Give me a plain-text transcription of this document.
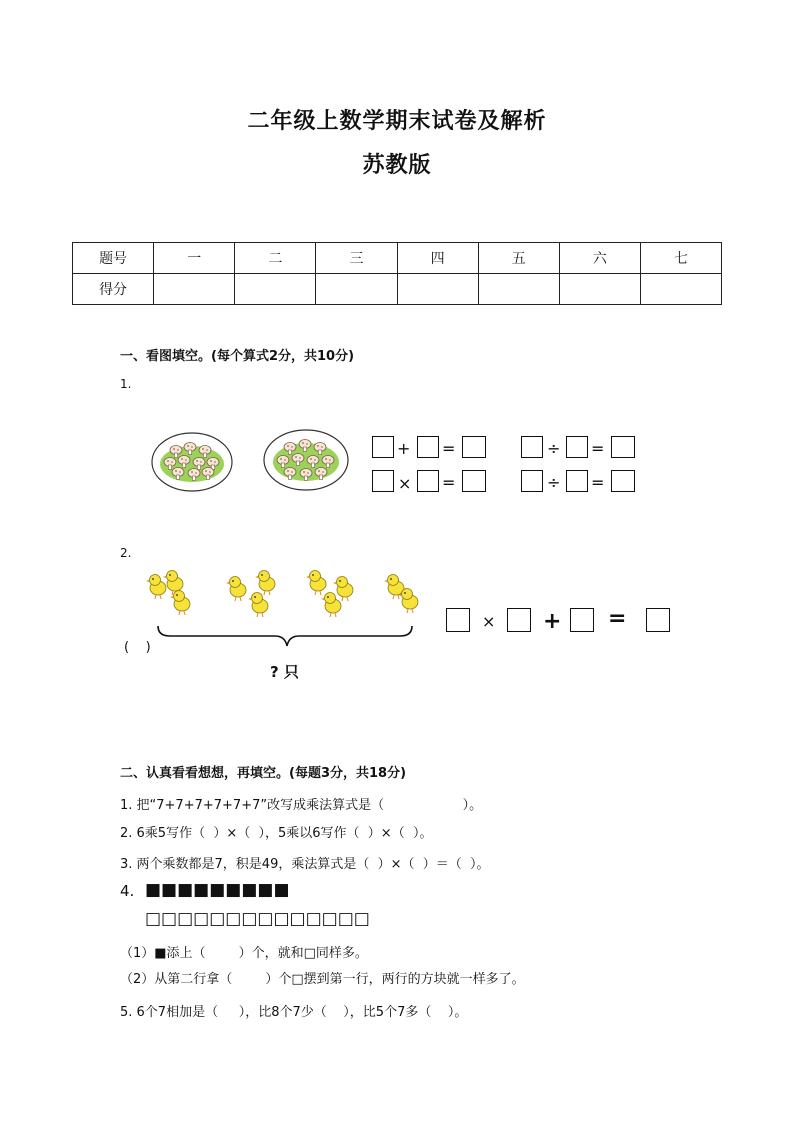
二年级上数学期末试卷及解析
苏教版
题号	一	二	三	四	五	六	七
得分							
一、看图填空。(每个算式2分，共10分)
1.
+ =	÷ =
× =	÷ =
2.
(    )
? 只
× + =
二、认真看看想想，再填空。(每题3分，共18分)
1. 把“7+7+7+7+7+7”改写成乘法算式是（                   ）。
2. 6乘5写作（  ）×（  ），5乘以6写作（  ）×（  ）。
3. 两个乘数都是7，积是49，乘法算式是（  ）×（  ）＝（  ）。
4. ■■■■■■■■■
□□□□□□□□□□□□□□
（1）■添上（        ）个，就和□同样多。
（2）从第二行拿（        ）个□摆到第一行，两行的方块就一样多了。
5. 6个7相加是（     ），比8个7少（    ），比5个7多（    ）。
